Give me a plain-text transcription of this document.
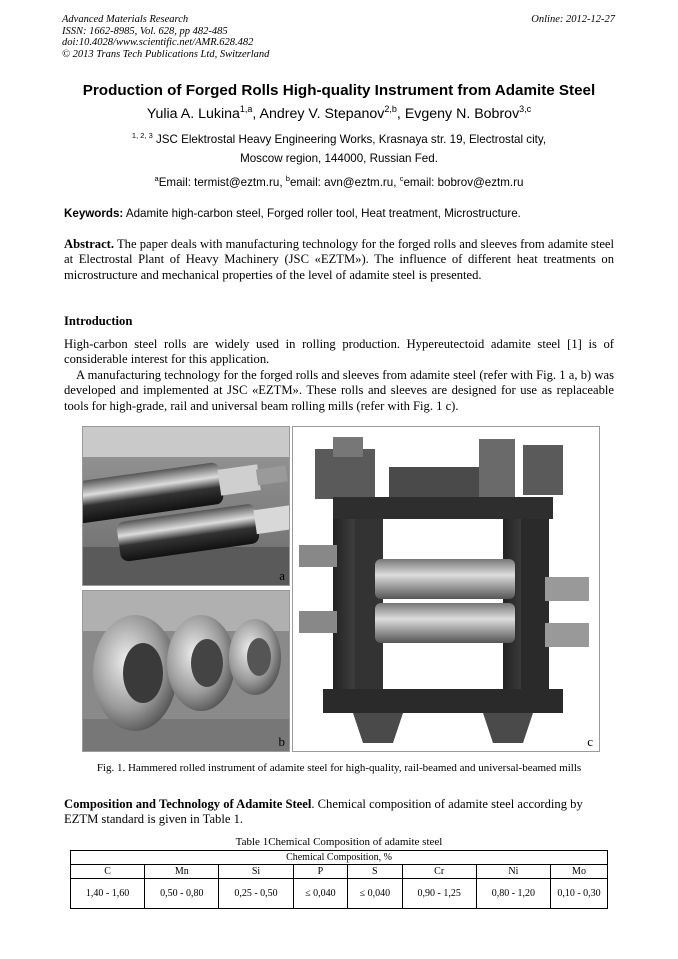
Advanced Materials Research
ISSN: 1662-8985, Vol. 628, pp 482-485
doi:10.4028/www.scientific.net/AMR.628.482
© 2013 Trans Tech Publications Ltd, Switzerland
Online: 2012-12-27
Production of Forged Rolls High-quality Instrument from Adamite Steel
Yulia A. Lukina$^{1,a}$, Andrey V. Stepanov$^{2,b}$, Evgeny N. Bobrov$^{3,c}$
$^{1, 2, 3}$ JSC Elektrostal Heavy Engineering Works, Krasnaya str. 19, Electrostal city,
Moscow region, 144000, Russian Fed.
$^a$Email: termist@eztm.ru, $^b$email: avn@eztm.ru, $^c$email: bobrov@eztm.ru
Keywords: Adamite high-carbon steel, Forged roller tool, Heat treatment, Microstructure.
Abstract. The paper deals with manufacturing technology for the forged rolls and sleeves from adamite steel at Electrostal Plant of Heavy Machinery (JSC «EZTM»). The influence of different heat treatments on microstructure and mechanical properties of the level of adamite steel is presented.
Introduction
High-carbon steel rolls are widely used in rolling production. Hypereutectoid adamite steel [1] is of considerable interest for this application.
A manufacturing technology for the forged rolls and sleeves from adamite steel (refer with Fig. 1 a, b) was developed and implemented at JSC «EZTM». These rolls and sleeves are designed for use as replaceable tools for high-grade, rail and universal beam rolling mills (refer with Fig. 1 c).
a
b	c
Fig. 1. Hammered rolled instrument of adamite steel for high-quality, rail-beamed and universal-beamed mills
Composition and Technology of Adamite Steel. Chemical composition of adamite steel according by EZTM standard is given in Table 1.
Table 1Chemical Composition of adamite steel
Chemical Composition, %							
C	Mn	Si	P	S	Cr	Ni	Mo
1,40 - 1,60	0,50 - 0,80	0,25 - 0,50	≤ 0,040	≤ 0,040	0,90 - 1,25	0,80 - 1,20	0,10 - 0,30
